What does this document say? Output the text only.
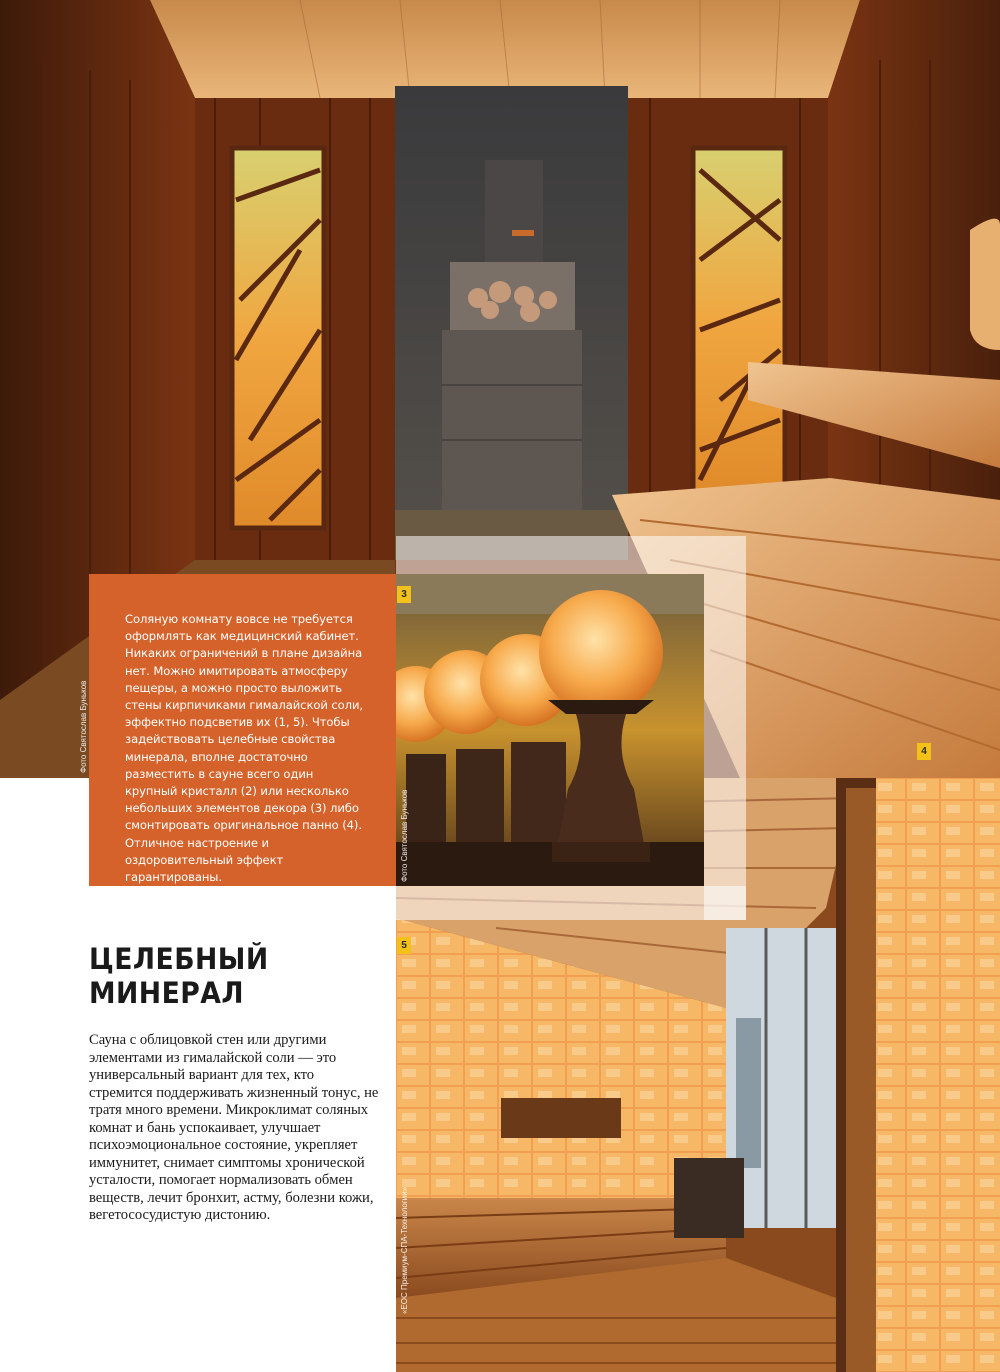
Соляную комнату вовсе не требуется оформлять как медицинский кабинет. Никаких ограничений в плане дизайна нет. Можно имитировать атмосферу пещеры, а можно просто выложить стены кирпичиками гималайской соли, эффектно подсветив их (1, 5). Чтобы задействовать целебные свойства минерала, вполне достаточно разместить в сауне всего один крупный кристалл (2) или несколько небольших элементов декора (3) либо смонтировать оригинальное панно (4). Отличное настроение и оздоровительный эффект гарантированы.
3
4
5
Фото Святослав Буньков
Фото Святослав Буньков
«ЕОС Премиум-СПА-Технологии»
ЦЕЛЕБНЫЙ
МИНЕРАЛ
Сауна с облицовкой стен или другими элементами из гималайской соли — это универсальный вариант для тех, кто стремится поддерживать жизненный тонус, не тратя много времени. Микроклимат соляных комнат и бань успокаивает, улучшает психоэмоциональное состояние, укрепляет иммунитет, снимает симптомы хронической усталости, помогает нормализовать обмен веществ, лечит бронхит, астму, болезни кожи, вегетососудистую дистонию.
